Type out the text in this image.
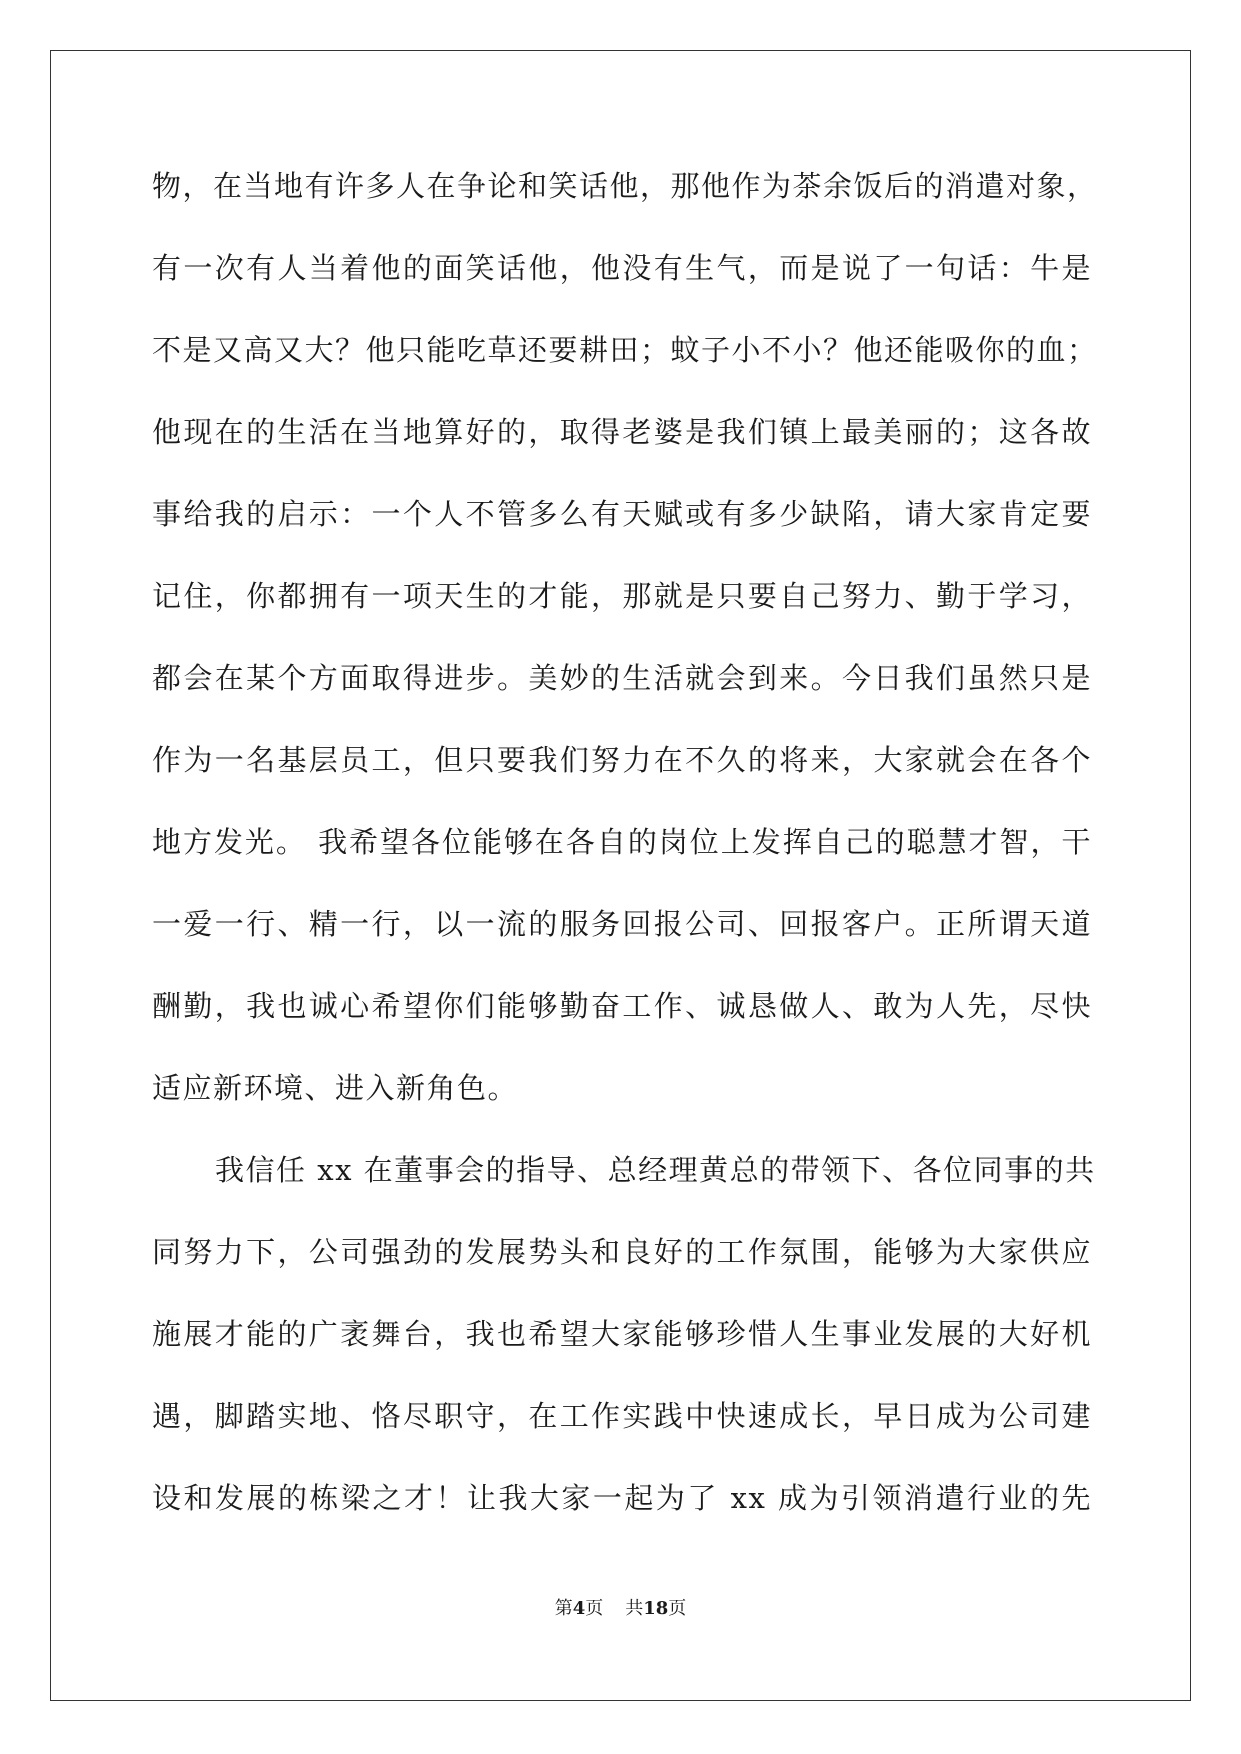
物，在当地有许多人在争论和笑话他，那他作为茶余饭后的消遣对象，
有一次有人当着他的面笑话他，他没有生气，而是说了一句话：牛是
不是又高又大？他只能吃草还要耕田；蚊子小不小？他还能吸你的血；
他现在的生活在当地算好的，取得老婆是我们镇上最美丽的；这各故
事给我的启示：一个人不管多么有天赋或有多少缺陷，请大家肯定要
记住，你都拥有一项天生的才能，那就是只要自己努力、勤于学习，
都会在某个方面取得进步。美妙的生活就会到来。今日我们虽然只是
作为一名基层员工，但只要我们努力在不久的将来，大家就会在各个
地方发光。 我希望各位能够在各自的岗位上发挥自己的聪慧才智，干
一爱一行、精一行，以一流的服务回报公司、回报客户。正所谓天道
酬勤，我也诚心希望你们能够勤奋工作、诚恳做人、敢为人先，尽快
适应新环境、进入新角色。
我信任 xx 在董事会的指导、总经理黄总的带领下、各位同事的共
同努力下，公司强劲的发展势头和良好的工作氛围，能够为大家供应
施展才能的广袤舞台，我也希望大家能够珍惜人生事业发展的大好机
遇，脚踏实地、恪尽职守，在工作实践中快速成长，早日成为公司建
设和发展的栋梁之才！让我大家一起为了 xx 成为引领消遣行业的先
第4页 共18页
